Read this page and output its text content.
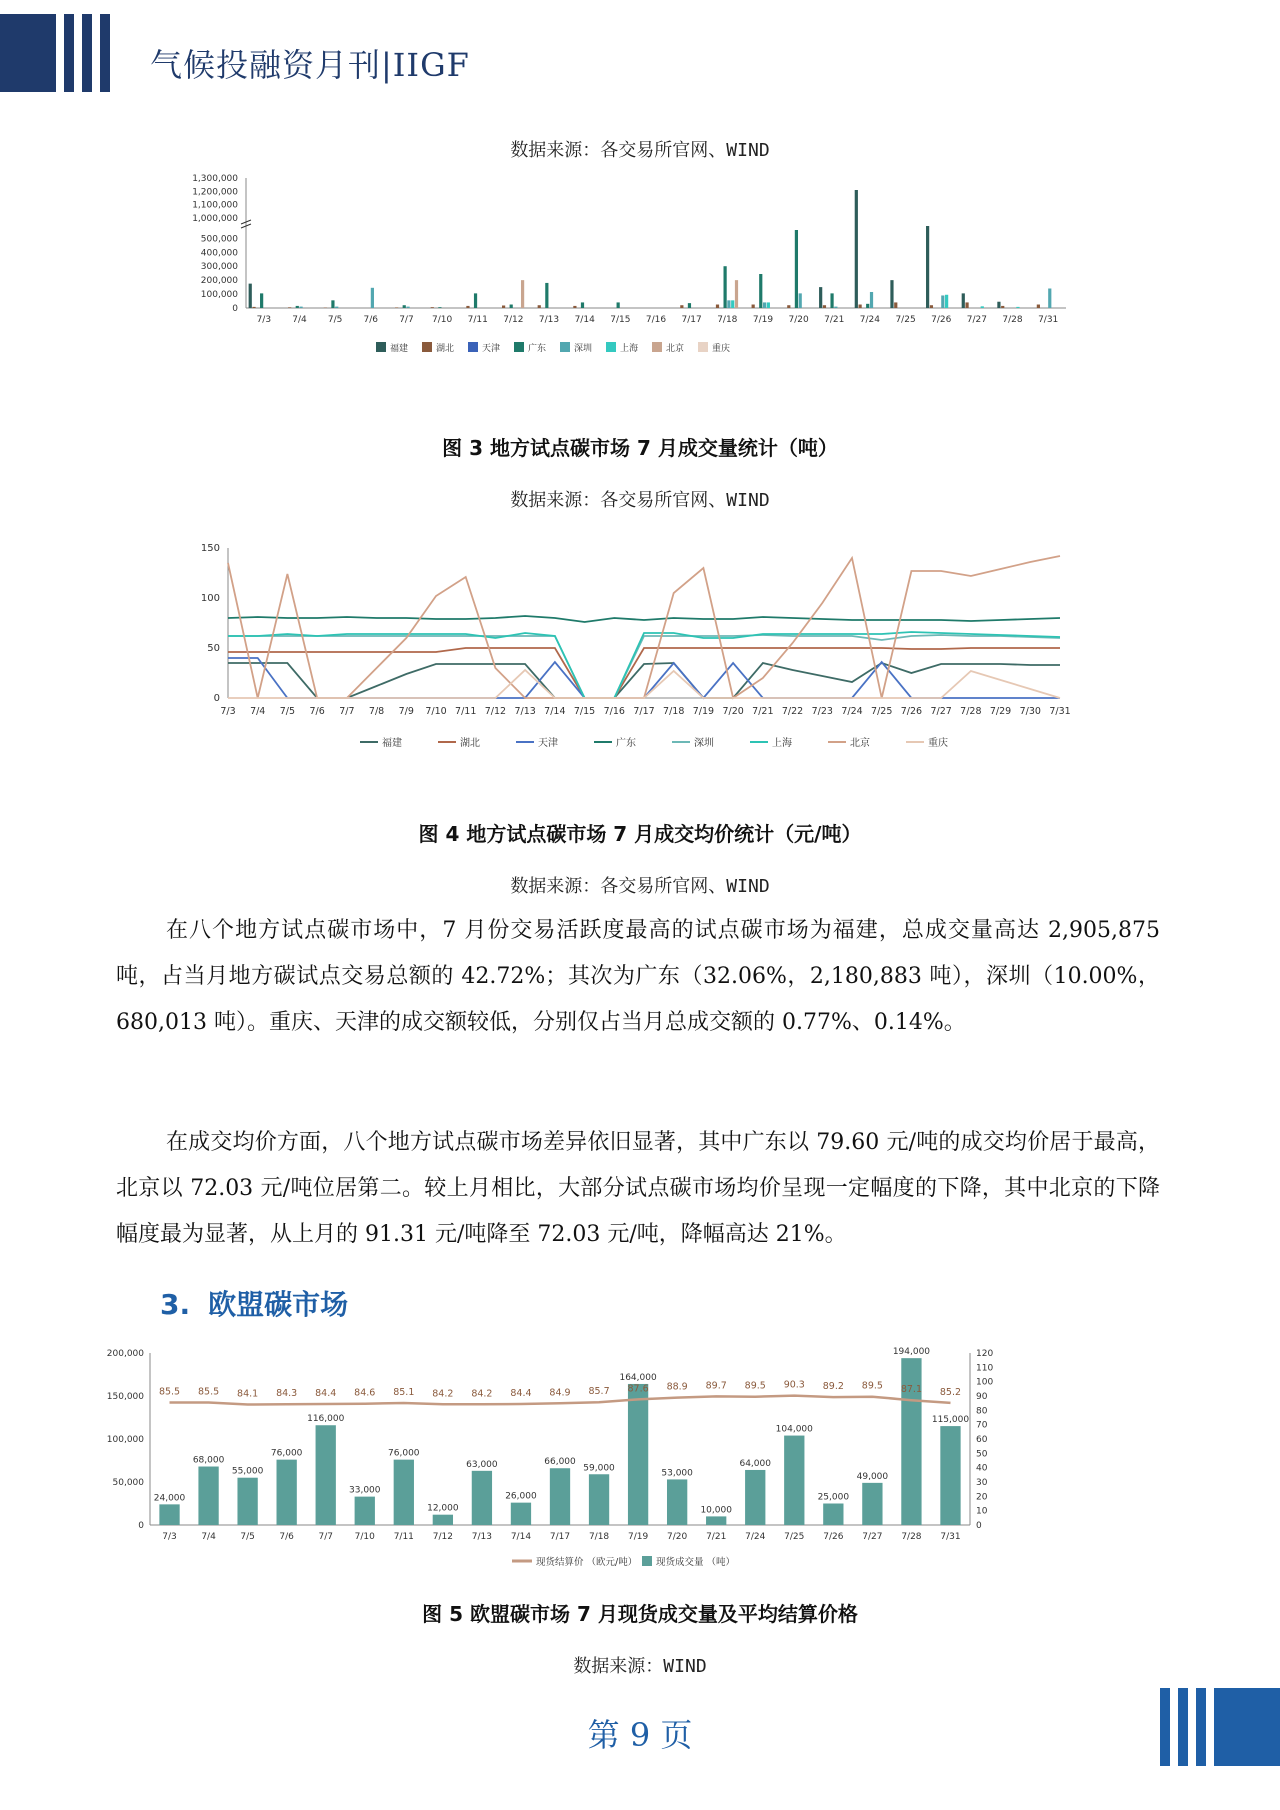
气候投融资月刊|IIGF
数据来源：各交易所官网、WIND
0
100,000
200,000
300,000
400,000
500,000
1,000,000
1,100,000
1,200,000
1,300,000
7/3 7/4 7/5 7/6 7/7 7/10 7/11 7/12 7/13 7/14 7/15 7/16 7/17 7/18 7/19 7/20 7/21 7/24 7/25 7/26 7/27 7/28 7/31
福建	湖北	天津	广东	深圳	上海	北京	重庆
图 3 地方试点碳市场 7 月成交量统计（吨）
数据来源：各交易所官网、WIND
0
50
100
150
7/3 7/4 7/5 7/6 7/7 7/8 7/9 7/10 7/11 7/12 7/13 7/14 7/15 7/16 7/17 7/18 7/19 7/20 7/21 7/22 7/23 7/24 7/25 7/26 7/27 7/28 7/29 7/30 7/31
福建	湖北	天津	广东	深圳	上海	北京	重庆
图 4 地方试点碳市场 7 月成交均价统计（元/吨）
数据来源：各交易所官网、WIND
在八个地方试点碳市场中，7 月份交易活跃度最高的试点碳市场为福建，总成交量高达 2,905,875 吨，占当月地方碳试点交易总额的 42.72%；其次为广东（32.06%，2,180,883 吨），深圳（10.00%，680,013 吨）。重庆、天津的成交额较低，分别仅占当月总成交额的 0.77%、0.14%。
在成交均价方面，八个地方试点碳市场差异依旧显著，其中广东以 79.60 元/吨的成交均价居于最高，北京以 72.03 元/吨位居第二。较上月相比，大部分试点碳市场均价呈现一定幅度的下降，其中北京的下降幅度最为显著，从上月的 91.31 元/吨降至 72.03 元/吨，降幅高达 21%。
3. 欧盟碳市场
0
50,000
100,000
150,000
200,000
0
10
20
30
40
50
60
70
80
90
100
110
120
24,000
7/3
85.5
68,000
7/4
85.5
55,000
7/5
84.1
76,000
7/6
84.3
116,000
7/7
84.4
33,000
7/10
84.6
76,000
7/11
85.1
12,000
7/12
84.2
63,000
7/13
84.2
26,000
7/14
84.4
66,000
7/17
84.9
59,000
7/18
85.7
164,000
7/19
87.6
53,000
7/20
88.9
10,000
7/21
89.7
64,000
7/24
89.5
104,000
7/25
90.3
25,000
7/26
89.2
49,000
7/27
89.5
194,000
7/28
87.1
115,000
7/31
85.2
现货结算价 （欧元/吨） 现货成交量 （吨）
图 5 欧盟碳市场 7 月现货成交量及平均结算价格
数据来源：WIND
第 9 页
